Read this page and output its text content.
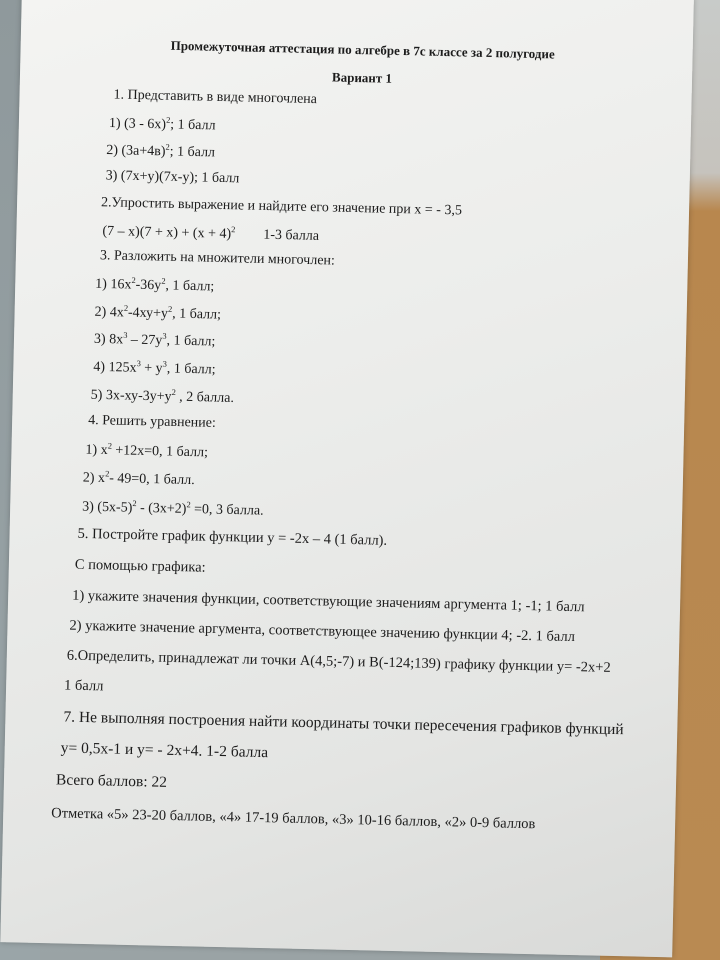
Промежуточная аттестация по алгебре в 7с классе за 2 полугодие
Вариант 1
1. Представить в виде многочлена
1) (3 - 6х)$^2$; 1 балл
2) $(3а+4в)^2$; 1 балл
3) (7х+у)(7х-у); 1 балл
2.Упростить выражение и найдите его значение при х = - 3,5
$(7 - х)(7 + х) + (х + 4)^2$ 1-3 балла
3. Разложить на множители многочлен:
1) $16х^2-36у^2$, 1 балл;
2) $4х^2-4ху+у^2$, 1 балл;
3) $8х^3 - 27у^3$, 1 балл;
4) $125х^3 + у^3$, 1 балл;
5) $3х-ху-3у+у^2$ , 2 балла.
4. Решить уравнение:
1) $х^2 +12х=0$, 1 балл;
2) $х^2-$ 49=0, 1 балл.
3) $(5х-5)^2 - (3х+2)^2 =0$, 3 балла.
5. Постройте график функции у = -2х – 4 (1 балл).
С помощью графика:
1) укажите значения функции, соответствующие значениям аргумента 1; -1; 1 балл
2) укажите значение аргумента, соответствующее значению функции 4; -2. 1 балл
6.Определить, принадлежат ли точки А(4,5;-7) и В(-124;139) графику функции у= -2х+2
1 балл
7. Не выполняя построения найти координаты точки пересечения графиков функций
у= 0,5х-1 и у= - 2х+4. 1-2 балла
Всего баллов: 22
Отметка «5» 23-20 баллов, «4» 17-19 баллов, «3» 10-16 баллов, «2» 0-9 баллов
